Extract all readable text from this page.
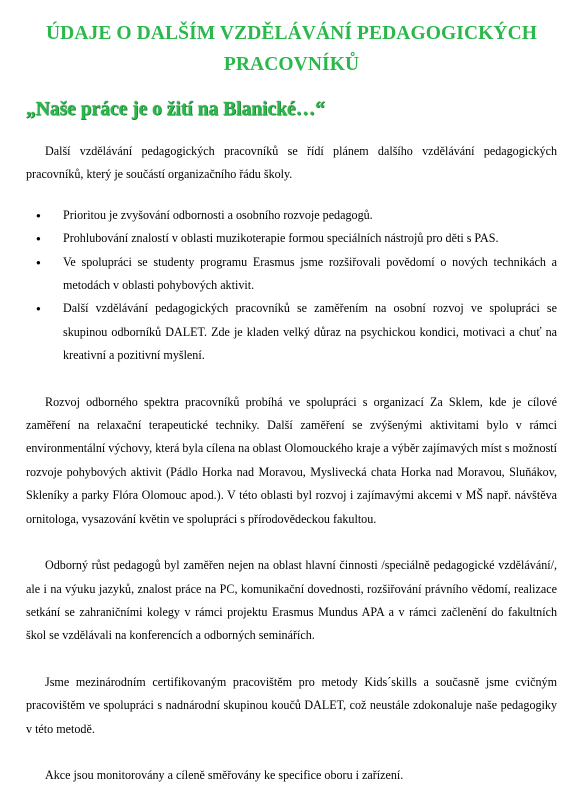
ÚDAJE O DALŠÍM VZDĚLÁVÁNÍ PEDAGOGICKÝCH PRACOVNÍKŮ
„Naše práce je o žití na Blanické…“

Další vzdělávání pedagogických pracovníků se řídí plánem dalšího vzdělávání pedagogických pracovníků, který je součástí organizačního řádu školy.

● Prioritou je zvyšování odbornosti a osobního rozvoje pedagogů.
● Prohlubování znalostí v oblasti muzikoterapie formou speciálních nástrojů pro děti s PAS.
● Ve spolupráci se studenty programu Erasmus jsme rozšiřovali povědomí o nových technikách a metodách v oblasti pohybových aktivit.
● Další vzdělávání pedagogických pracovníků se zaměřením na osobní rozvoj ve spolupráci se skupinou odborníků DALET. Zde je kladen velký důraz na psychickou kondici, motivaci a chuť na kreativní a pozitivní myšlení.

Rozvoj odborného spektra pracovníků probíhá ve spolupráci s organizací Za Sklem, kde je cílové zaměření na relaxační terapeutické techniky. Další zaměření se zvýšenými aktivitami bylo v rámci environmentální výchovy, která byla cílena na oblast Olomouckého kraje a výběr zajímavých míst s možností rozvoje pohybových aktivit (Pádlo Horka nad Moravou, Myslivecká chata Horka nad Moravou, Sluňákov, Skleníky a parky Flóra Olomouc apod.). V této oblasti byl rozvoj i zajímavými akcemi v MŠ např. návštěva ornitologa, vysazování květin ve spolupráci s přírodovědeckou fakultou.

Odborný růst pedagogů byl zaměřen nejen na oblast hlavní činnosti /speciálně pedagogické vzdělávání/, ale i na výuku jazyků, znalost práce na PC, komunikační dovednosti, rozšiřování právního vědomí, realizace setkání se zahraničními kolegy v rámci projektu Erasmus Mundus APA a v rámci začlenění do fakultních škol se vzdělávali na konferencích a odborných seminářích.

Jsme mezinárodním certifikovaným pracovištěm pro metody Kids´skills a současně jsme cvičným pracovištěm ve spolupráci s nadnárodní skupinou koučů DALET, což neustále zdokonaluje naše pedagogiky v této metodě.

Akce jsou monitorovány a cíleně směřovány ke specifice oboru i zařízení.
